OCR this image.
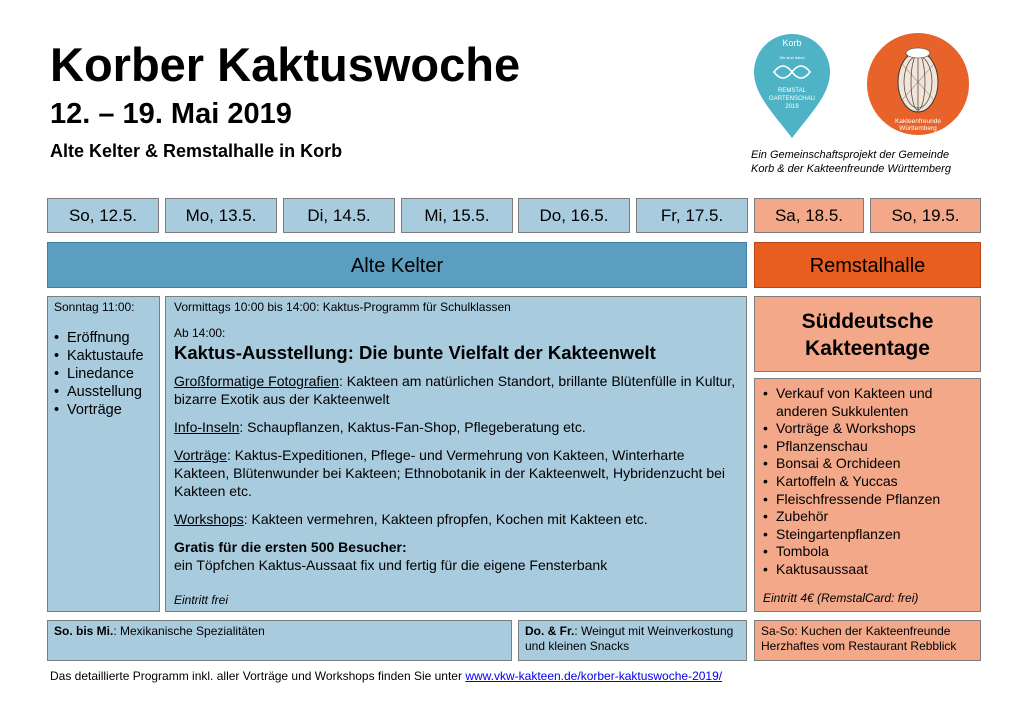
Korber Kaktuswoche
12. – 19. Mai 2019
Alte Kelter & Remstalhalle in Korb
Korb
Wir sind dabei
REMSTAL
GARTENSCHAU
2019
Kakteenfreunde
Württemberg
Ein Gemeinschaftsprojekt der Gemeinde
Korb & der Kakteenfreunde Württemberg
So, 12.5.	Mo, 13.5.	Di, 14.5.	Mi, 15.5.	Do, 16.5.	Fr, 17.5.	Sa, 18.5.	So, 19.5.
Alte Kelter	Remstalhalle
Sonntag 11:00:
• Eröffnung
• Kaktustaufe
• Linedance
• Ausstellung
• Vorträge
Vormittags 10:00 bis 14:00: Kaktus-Programm für Schulklassen
Ab 14:00:
Kaktus-Ausstellung: Die bunte Vielfalt der Kakteenwelt

Großformatige Fotografien: Kakteen am natürlichen Standort, brillante Blütenfülle in Kultur, bizarre Exotik aus der Kakteenwelt

Info-Inseln: Schaupflanzen, Kaktus-Fan-Shop, Pflegeberatung etc.

Vorträge: Kaktus-Expeditionen, Pflege- und Vermehrung von Kakteen, Winterharte Kakteen, Blütenwunder bei Kakteen; Ethnobotanik in der Kakteenwelt, Hybridenzucht bei Kakteen etc.

Workshops: Kakteen vermehren, Kakteen pfropfen, Kochen mit Kakteen etc.

Gratis für die ersten 500 Besucher:

ein Töpfchen Kaktus-Aussaat fix und fertig für die eigene Fensterbank

Eintritt frei
Süddeutsche
Kakteentage
• Verkauf von Kakteen und anderen Sukkulenten
• Vorträge & Workshops
• Pflanzenschau
• Bonsai & Orchideen
• Kartoffeln & Yuccas
• Fleischfressende Pflanzen
• Zubehör
• Steingartenpflanzen
• Tombola
• Kaktusaussaat
Eintritt 4€ (RemstalCard: frei)
So. bis Mi.: Mexikanische Spezialitäten	Do. & Fr.: Weingut mit Weinverkostung und kleinen Snacks
Sa-So: Kuchen der Kakteenfreunde
Herzhaftes vom Restaurant Rebblick
Das detaillierte Programm inkl. aller Vorträge und Workshops finden Sie unter www.vkw-kakteen.de/korber-kaktuswoche-2019/
